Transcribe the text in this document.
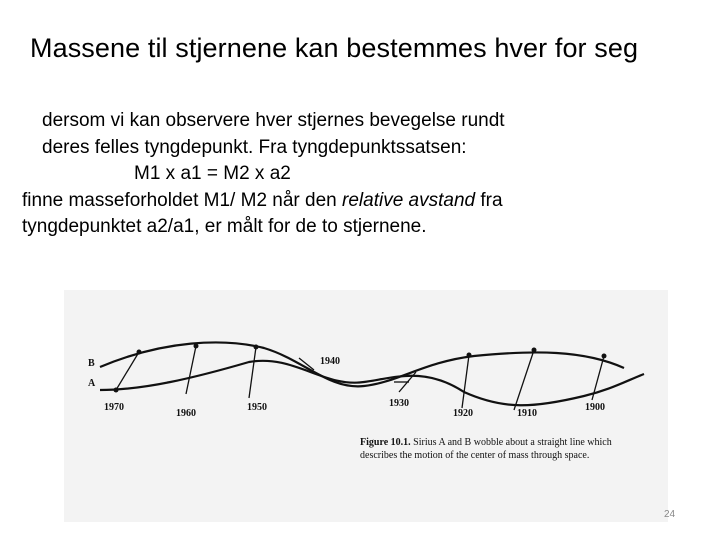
Massene til stjernene kan bestemmes hver for seg
dersom vi kan observere hver stjernes bevegelse rundt
deres felles tyngdepunkt. Fra tyngdepunktssatsen:
M1 x a1 = M2 x a2
finne masseforholdet M1/ M2 når den relative avstand fra
tyngdepunktet a2/a1, er målt for de to stjernene.
B
A
1970
1960
1950
1940
1930
1920	1910
1900
Figure 10.1. Sirius A and B wobble about a straight line which describes the motion of the center of mass through space.
24
